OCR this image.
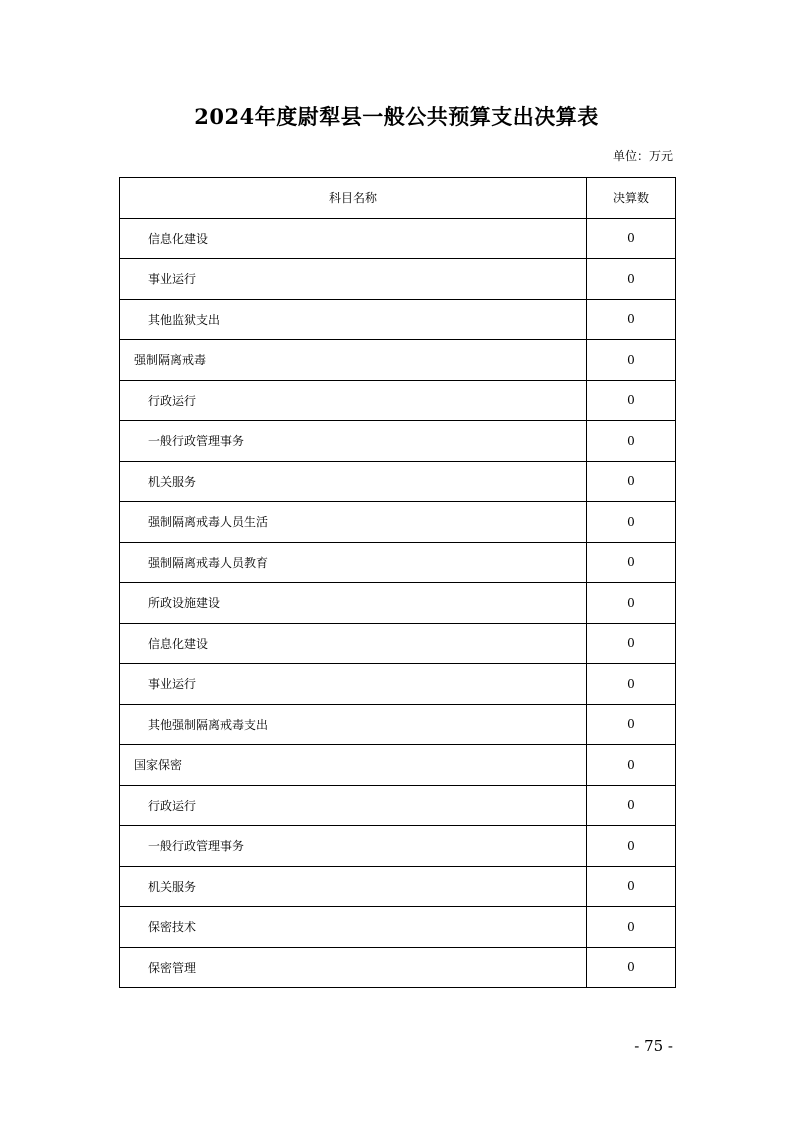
2024年度尉犁县一般公共预算支出决算表
单位：万元
科目名称	决算数
信息化建设	0
事业运行	0
其他监狱支出	0
强制隔离戒毒	0
行政运行	0
一般行政管理事务	0
机关服务	0
强制隔离戒毒人员生活	0
强制隔离戒毒人员教育	0
所政设施建设	0
信息化建设	0
事业运行	0
其他强制隔离戒毒支出	0
国家保密	0
行政运行	0
一般行政管理事务	0
机关服务	0
保密技术	0
保密管理	0
- 75 -
